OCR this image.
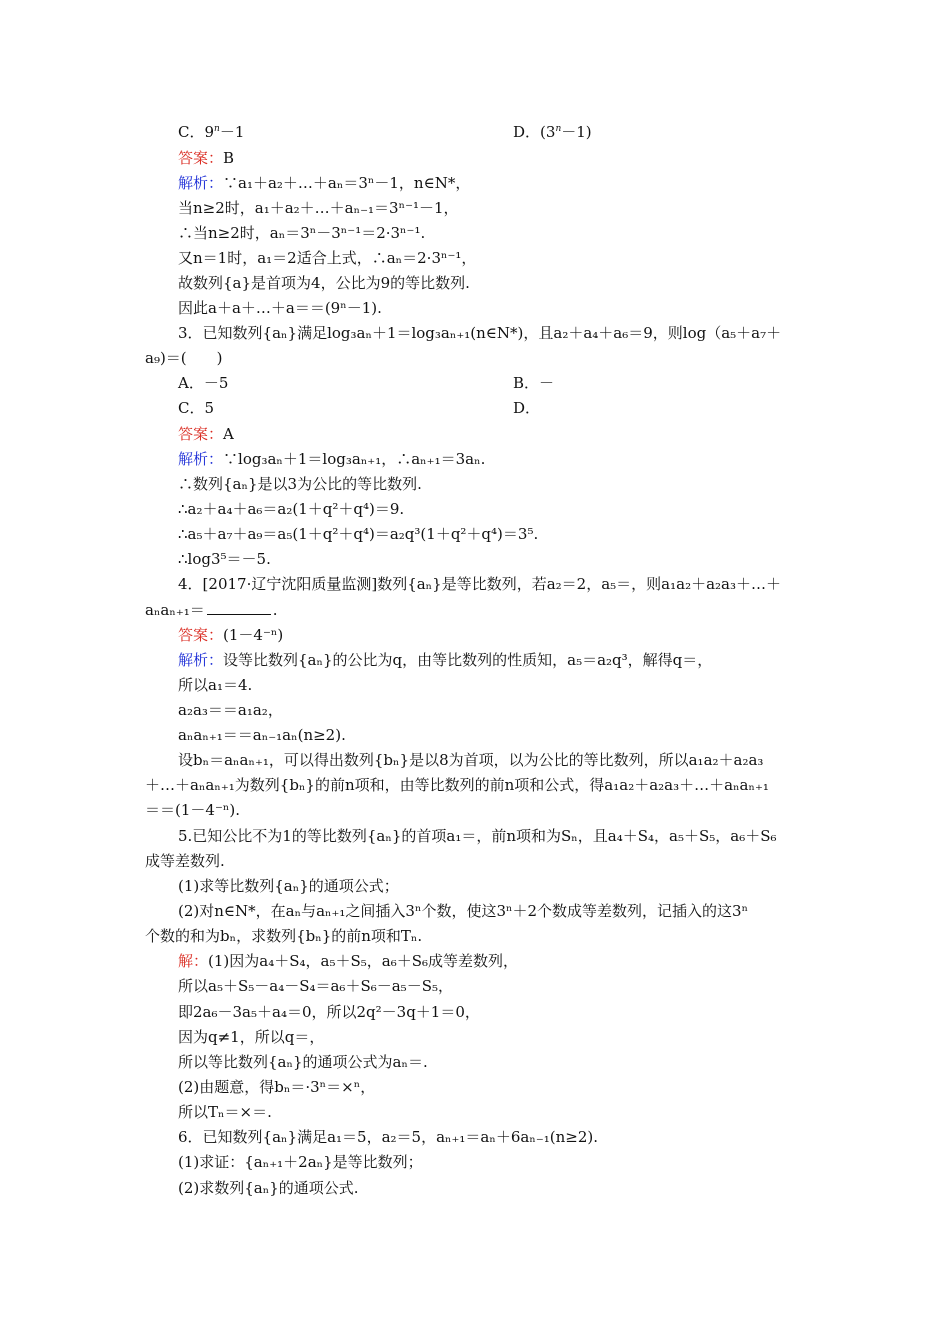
C．$9^n-1$	D．$(3^n-1)$
答案：B
解析：∵a₁＋a₂＋…＋aₙ＝3ⁿ－1，n∈N*，
当n≥2时，a₁＋a₂＋…＋aₙ₋₁＝3ⁿ⁻¹－1，
∴当n≥2时，aₙ＝3ⁿ－3ⁿ⁻¹＝2·3ⁿ⁻¹.
又n＝1时，a₁＝2适合上式，∴aₙ＝2·3ⁿ⁻¹，
故数列{a}是首项为4，公比为9的等比数列.
因此a＋a＋…＋a＝＝(9ⁿ－1).
3．已知数列{aₙ}满足log₃aₙ＋1＝log₃aₙ₊₁(n∈N*)，且a₂＋a₄＋a₆＝9，则log（a₅＋a₇＋
a₉)＝(　　)
A．－5	B．－
C．5	D．
答案：A
解析：∵log₃aₙ＋1＝log₃aₙ₊₁，∴aₙ₊₁＝3aₙ.
∴数列{aₙ}是以3为公比的等比数列.
∴a₂＋a₄＋a₆＝a₂(1＋q²＋q⁴)＝9.
∴a₅＋a₇＋a₉＝a₅(1＋q²＋q⁴)＝a₂q³(1＋q²＋q⁴)＝3⁵.
∴log3⁵＝－5.
4．[2017·辽宁沈阳质量监测]数列{aₙ}是等比数列，若a₂＝2，a₅＝，则a₁a₂＋a₂a₃＋…＋
aₙaₙ₊₁＝	.
答案：(1－4⁻ⁿ)
解析：设等比数列{aₙ}的公比为q，由等比数列的性质知，a₅＝a₂q³，解得q＝，
所以a₁＝4.
a₂a₃＝＝a₁a₂，
aₙaₙ₊₁＝＝aₙ₋₁aₙ(n≥2).
设bₙ＝aₙaₙ₊₁，可以得出数列{bₙ}是以8为首项，以为公比的等比数列，所以a₁a₂＋a₂a₃
＋…＋aₙaₙ₊₁为数列{bₙ}的前n项和，由等比数列的前n项和公式，得a₁a₂＋a₂a₃＋…＋aₙaₙ₊₁
＝＝(1－4⁻ⁿ).
5.已知公比不为1的等比数列{aₙ}的首项a₁＝，前n项和为Sₙ，且a₄＋S₄，a₅＋S₅，a₆＋S₆
成等差数列.
(1)求等比数列{aₙ}的通项公式；
(2)对n∈N*，在aₙ与aₙ₊₁之间插入3ⁿ个数，使这3ⁿ＋2个数成等差数列，记插入的这3ⁿ
个数的和为bₙ，求数列{bₙ}的前n项和Tₙ.
解：(1)因为a₄＋S₄，a₅＋S₅，a₆＋S₆成等差数列，
所以a₅＋S₅－a₄－S₄＝a₆＋S₆－a₅－S₅，
即2a₆－3a₅＋a₄＝0，所以2q²－3q＋1＝0，
因为q≠1，所以q＝，
所以等比数列{aₙ}的通项公式为aₙ＝.
(2)由题意，得bₙ＝·3ⁿ＝×ⁿ，
所以Tₙ＝×＝.
6．已知数列{aₙ}满足a₁＝5，a₂＝5，aₙ₊₁＝aₙ＋6aₙ₋₁(n≥2).
(1)求证：{aₙ₊₁＋2aₙ}是等比数列；
(2)求数列{aₙ}的通项公式.
